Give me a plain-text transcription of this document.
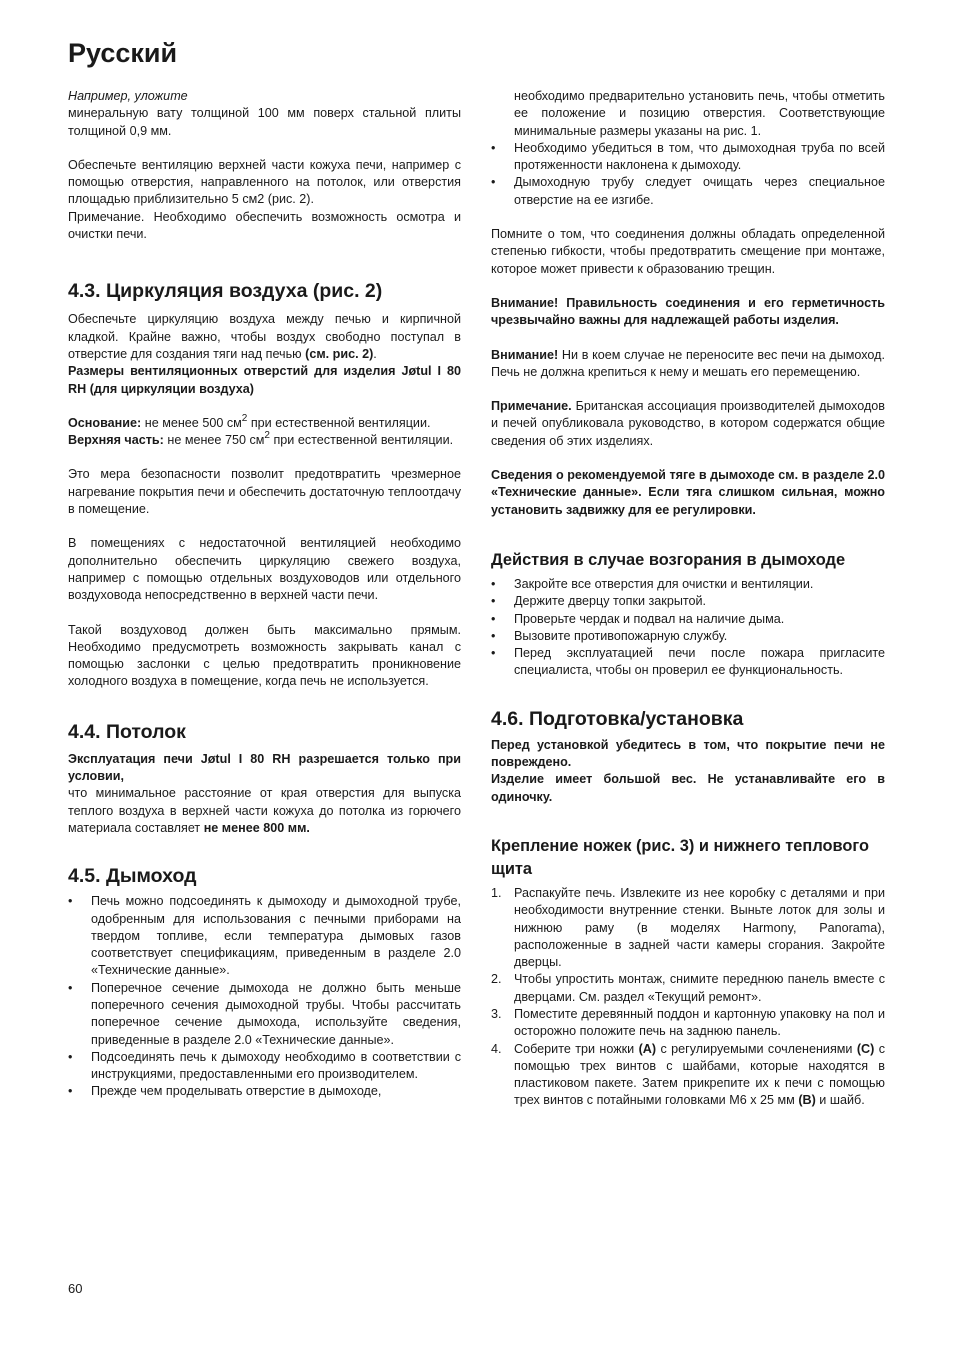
Русский

Например, уложите
минеральную вату толщиной 100 мм поверх стальной плиты толщиной 0,9 мм.

Обеспечьте вентиляцию верхней части кожуха печи, например с помощью отверстия, направленного на потолок, или отверстия площадью приблизительно 5 см2 (рис. 2).

Примечание. Необходимо обеспечить возможность осмотра и очистки печи.

4.3. Циркуляция воздуха (рис. 2)

Обеспечьте циркуляцию воздуха между печью и кирпичной кладкой. Крайне важно, чтобы воздух свободно поступал в отверстие для создания тяги над печью (см. рис. 2).

Размеры вентиляционных отверстий для изделия Jøtul I 80 RH (для циркуляции воздуха)

Основание: не менее 500 $см^2$ при естественной вентиляции.

Верхняя часть: не менее 750 $см^2$ при естественной вентиляции.

Это мера безопасности позволит предотвратить чрезмерное нагревание покрытия печи и обеспечить достаточную теплоотдачу в помещение.

В помещениях с недостаточной вентиляцией необходимо дополнительно обеспечить циркуляцию свежего воздуха, например с помощью отдельных воздуховодов или отдельного воздуховода непосредственно в верхней части печи.

Такой воздуховод должен быть максимально прямым. Необходимо предусмотреть возможность закрывать канал с помощью заслонки с целью предотвратить проникновение холодного воздуха в помещение, когда печь не используется.

4.4. Потолок

Эксплуатация печи Jøtul I 80 RH разрешается только при условии,

что минимальное расстояние от края отверстия для выпуска теплого воздуха в верхней части кожуха до потолка из горючего материала составляет не менее 800 мм.

4.5. Дымоход
• Печь можно подсоединять к дымоходу и дымоходной трубе, одобренным для использования с печными приборами на твердом топливе, если температура дымовых газов соответствует спецификациям, приведенным в разделе 2.0 «Технические данные».
• Поперечное сечение дымохода не должно быть меньше поперечного сечения дымоходной трубы. Чтобы рассчитать поперечное сечение дымохода, используйте сведения, приведенные в разделе 2.0 «Технические данные».
• Подсоединять печь к дымоходу необходимо в соответствии с инструкциями, предоставленными его производителем.
• Прежде чем проделывать отверстие в дымоходе,

необходимо предварительно установить печь, чтобы отметить ее положение и позицию отверстия. Соответствующие минимальные размеры указаны на рис. 1.

• Необходимо убедиться в том, что дымоходная труба по всей протяженности наклонена к дымоходу.
• Дымоходную трубу следует очищать через специальное отверстие на ее изгибе.

Помните о том, что соединения должны обладать определенной степенью гибкости, чтобы предотвратить смещение при монтаже, которое может привести к образованию трещин.

Внимание! Правильность соединения и его герметичность чрезвычайно важны для надлежащей работы изделия.

Внимание! Ни в коем случае не переносите вес печи на дымоход. Печь не должна крепиться к нему и мешать его перемещению.

Примечание. Британская ассоциация производителей дымоходов и печей опубликовала руководство, в котором содержатся общие сведения об этих изделиях.

Сведения о рекомендуемой тяге в дымоходе см. в разделе 2.0 «Технические данные». Если тяга слишком сильная, можно установить задвижку для ее регулировки.

Действия в случае возгорания в дымоходе
• Закройте все отверстия для очистки и вентиляции.
• Держите дверцу топки закрытой.
• Проверьте чердак и подвал на наличие дыма.
• Вызовите противопожарную службу.
• Перед эксплуатацией печи после пожара пригласите специалиста, чтобы он проверил ее функциональность.
4.6. Подготовка/установка

Перед установкой убедитесь в том, что покрытие печи не повреждено.

Изделие имеет большой вес. Не устанавливайте его в одиночку.

Крепление ножек (рис. 3) и нижнего теплового щита
1. Распакуйте печь. Извлеките из нее коробку с деталями и при необходимости внутренние стенки. Выньте лоток для золы и нижнюю раму (в моделях Harmony, Panorama), расположенные в задней части камеры сгорания. Закройте дверцы.
2. Чтобы упростить монтаж, снимите переднюю панель вместе с дверцами. См. раздел «Текущий ремонт».
3. Поместите деревянный поддон и картонную упаковку на пол и осторожно положите печь на заднюю панель.
4. Соберите три ножки (A) с регулируемыми сочленениями (C) с помощью трех винтов с шайбами, которые находятся в пластиковом пакете. Затем прикрепите их к печи с помощью трех винтов с потайными головками М6 x 25 мм (B) и шайб.
60
